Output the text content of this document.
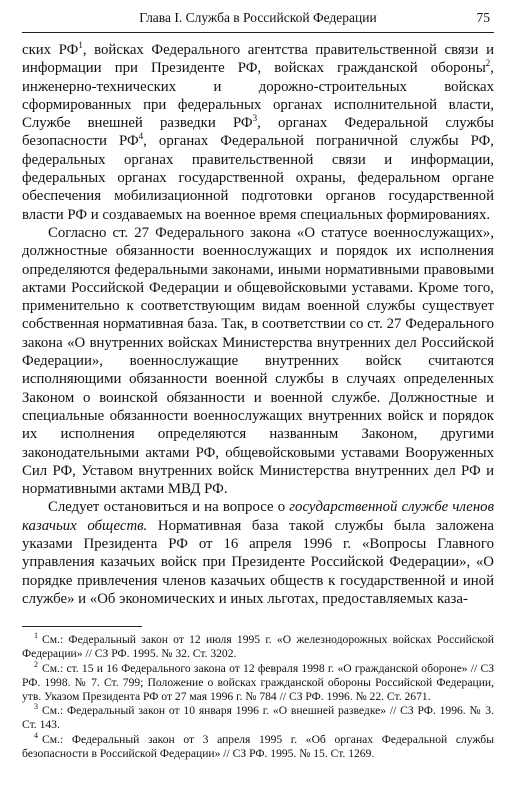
Глава I. Служба в Российской Федерации	75

ских $РФ^1$, войсках Федерального агентства правительственной связи и информации при Президенте РФ, войсках гражданской обороны$^2$, инженерно-технических и дорожно-строительных войсках сформированных при федеральных органах исполнительной власти, Службе внешней разведки $РФ^3$, органах Федеральной службы безопасности $РФ^4$, органах Федеральной пограничной службы РФ, федеральных органах правительственной связи и информации, федеральных органах государственной охраны, федеральном органе обеспечения мобилизационной подготовки органов государственной власти РФ и создаваемых на военное время специальных формированиях.

Согласно ст. 27 Федерального закона «О статусе военнослужащих», должностные обязанности военнослужащих и порядок их исполнения определяются федеральными законами, иными нормативными правовыми актами Российской Федерации и общевойсковыми уставами. Кроме того, применительно к соответствующим видам военной службы существует собственная нормативная база. Так, в соответствии со ст. 27 Федерального закона «О внутренних войсках Министерства внутренних дел Российской Федерации», военнослужащие внутренних войск считаются исполняющими обязанности военной службы в случаях определенных Законом о воинской обязанности и военной службе. Должностные и специальные обязанности военнослужащих внутренних войск и порядок их исполнения определяются названным Законом, другими законодательными актами РФ, общевойсковыми уставами Вооруженных Сил РФ, Уставом внутренних войск Министерства внутренних дел РФ и нормативными актами МВД РФ.

Следует остановиться и на вопросе о государственной службе членов казачьих обществ. Нормативная база такой службы была заложена указами Президента РФ от 16 апреля 1996 г. «Вопросы Главного управления казачьих войск при Президенте Российской Федерации», «О порядке привлечения членов казачьих обществ к государственной и иной службе» и «Об экономических и иных льготах, предоставляемых каза-

$^1$ См.: Федеральный закон от 12 июля 1995 г. «О железнодорожных войсках Российской Федерации» // СЗ РФ. 1995. № 32. Ст. 3202.

$^2$ См.: ст. 15 и 16 Федерального закона от 12 февраля 1998 г. «О гражданской обороне» // СЗ РФ. 1998. № 7. Ст. 799; Положение о войсках гражданской обороны Российской Федерации, утв. Указом Президента РФ от 27 мая 1996 г. № 784 // СЗ РФ. 1996. № 22. Ст. 2671.

$^3$ См.: Федеральный закон от 10 января 1996 г. «О внешней разведке» // СЗ РФ. 1996. № 3. Ст. 143.

$^4$ См.: Федеральный закон от 3 апреля 1995 г. «Об органах Федеральной службы безопасности в Российской Федерации» // СЗ РФ. 1995. № 15. Ст. 1269.
